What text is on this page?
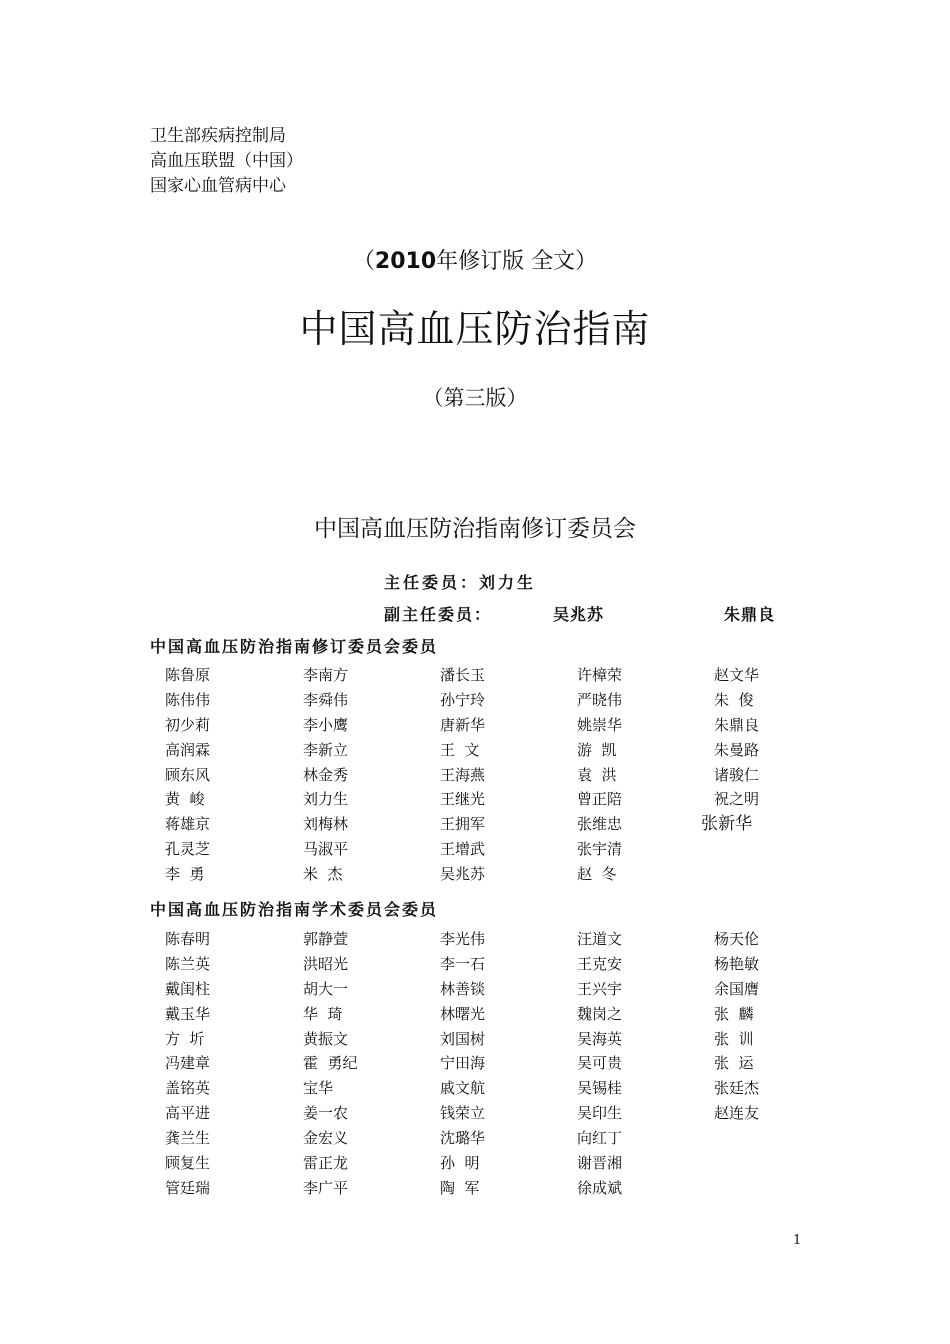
卫生部疾病控制局
高血压联盟（中国）
国家心血管病中心
（2010年修订版 全文）
中国高血压防治指南
（第三版）
中国高血压防治指南修订委员会
主任委员：刘力生
副主任委员：	吴兆苏	朱鼎良
中国高血压防治指南修订委员会委员
陈鲁原	李南方	潘长玉	许樟荣	赵文华
陈伟伟	李舜伟	孙宁玲	严晓伟	朱  俊
初少莉	李小鹰	唐新华	姚崇华	朱鼎良
高润霖	李新立	王  文	游  凯	朱曼路
顾东风	林金秀	王海燕	袁  洪	诸骏仁
黄  峻	刘力生	王继光	曾正陪	祝之明
蒋雄京	刘梅林	王拥军	张维忠	张新华
孔灵芝	马淑平	王增武	张宇清
李  勇	米  杰	吴兆苏	赵  冬
中国高血压防治指南学术委员会委员
陈春明	郭静萱	李光伟	汪道文	杨天伦
陈兰英	洪昭光	李一石	王克安	杨艳敏
戴闺柱	胡大一	林善锬	王兴宇	余国膺
戴玉华	华  琦	林曙光	魏岗之	张  麟
方  圻	黄振文	刘国树	吴海英	张  训
冯建章	霍  勇纪	宁田海	吴可贵	张  运
盖铭英	宝华	戚文航	吴锡桂	张廷杰
高平进	姜一农	钱荣立	吴印生	赵连友
龚兰生	金宏义	沈璐华	向红丁
顾复生	雷正龙	孙  明	谢晋湘
管廷瑞	李广平	陶  军	徐成斌
1
